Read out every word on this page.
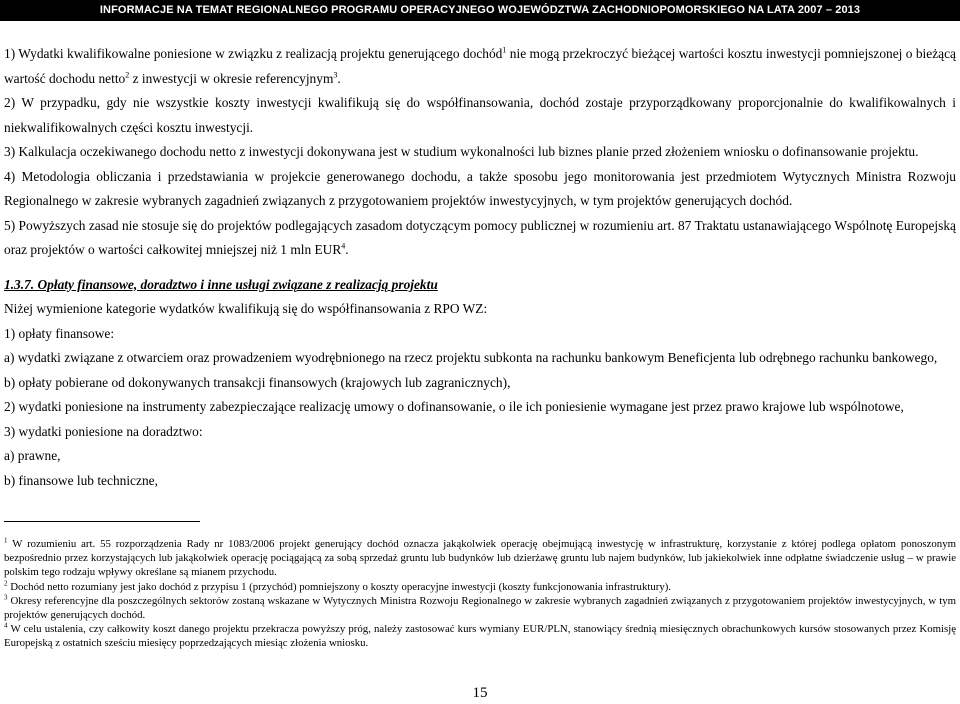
INFORMACJE NA TEMAT REGIONALNEGO PROGRAMU OPERACYJNEGO WOJEWÓDZTWA ZACHODNIOPOMORSKIEGO NA LATA 2007 – 2013

1) Wydatki kwalifikowalne poniesione w związku z realizacją projektu generującego dochód$^1$ nie mogą przekroczyć bieżącej wartości kosztu inwestycji pomniejszonej o bieżącą wartość dochodu netto$^2$ z inwestycji w okresie referencyjnym$^3$.

2) W przypadku, gdy nie wszystkie koszty inwestycji kwalifikują się do współfinansowania, dochód zostaje przyporządkowany proporcjonalnie do kwalifikowalnych i niekwalifikowalnych części kosztu inwestycji.

3) Kalkulacja oczekiwanego dochodu netto z inwestycji dokonywana jest w studium wykonalności lub biznes planie przed złożeniem wniosku o dofinansowanie projektu.

4) Metodologia obliczania i przedstawiania w projekcie generowanego dochodu, a także sposobu jego monitorowania jest przedmiotem Wytycznych Ministra Rozwoju Regionalnego w zakresie wybranych zagadnień związanych z przygotowaniem projektów inwestycyjnych, w tym projektów generujących dochód.

5) Powyższych zasad nie stosuje się do projektów podlegających zasadom dotyczącym pomocy publicznej w rozumieniu art. 87 Traktatu ustanawiającego Wspólnotę Europejską oraz projektów o wartości całkowitej mniejszej niż 1 mln EUR$^4$.

1.3.7. Opłaty finansowe, doradztwo i inne usługi związane z realizacją projektu

Niżej wymienione kategorie wydatków kwalifikują się do współfinansowania z RPO WZ:

1) opłaty finansowe:

a) wydatki związane z otwarciem oraz prowadzeniem wyodrębnionego na rzecz projektu subkonta na rachunku bankowym Beneficjenta lub odrębnego rachunku bankowego,

b) opłaty pobierane od dokonywanych transakcji finansowych (krajowych lub zagranicznych),

2) wydatki poniesione na instrumenty zabezpieczające realizację umowy o dofinansowanie, o ile ich poniesienie wymagane jest przez prawo krajowe lub wspólnotowe,

3) wydatki poniesione na doradztwo:

a) prawne,

b) finansowe lub techniczne,

$^1$ W rozumieniu art. 55 rozporządzenia Rady nr 1083/2006 projekt generujący dochód oznacza jakąkolwiek operację obejmującą inwestycję w infrastrukturę, korzystanie z której podlega opłatom ponoszonym bezpośrednio przez korzystających lub jakąkolwiek operację pociągającą za sobą sprzedaż gruntu lub budynków lub dzierżawę gruntu lub najem budynków, lub jakiekolwiek inne odpłatne świadczenie usług – w prawie polskim tego rodzaju wpływy określane są mianem przychodu.

$^2$ Dochód netto rozumiany jest jako dochód z przypisu 1 (przychód) pomniejszony o koszty operacyjne inwestycji (koszty funkcjonowania infrastruktury).

$^3$ Okresy referencyjne dla poszczególnych sektorów zostaną wskazane w Wytycznych Ministra Rozwoju Regionalnego w zakresie wybranych zagadnień związanych z przygotowaniem projektów inwestycyjnych, w tym projektów generujących dochód.

$^4$ W celu ustalenia, czy całkowity koszt danego projektu przekracza powyższy próg, należy zastosować kurs wymiany EUR/PLN, stanowiący średnią miesięcznych obrachunkowych kursów stosowanych przez Komisję Europejską z ostatnich sześciu miesięcy poprzedzających miesiąc złożenia wniosku.

15
